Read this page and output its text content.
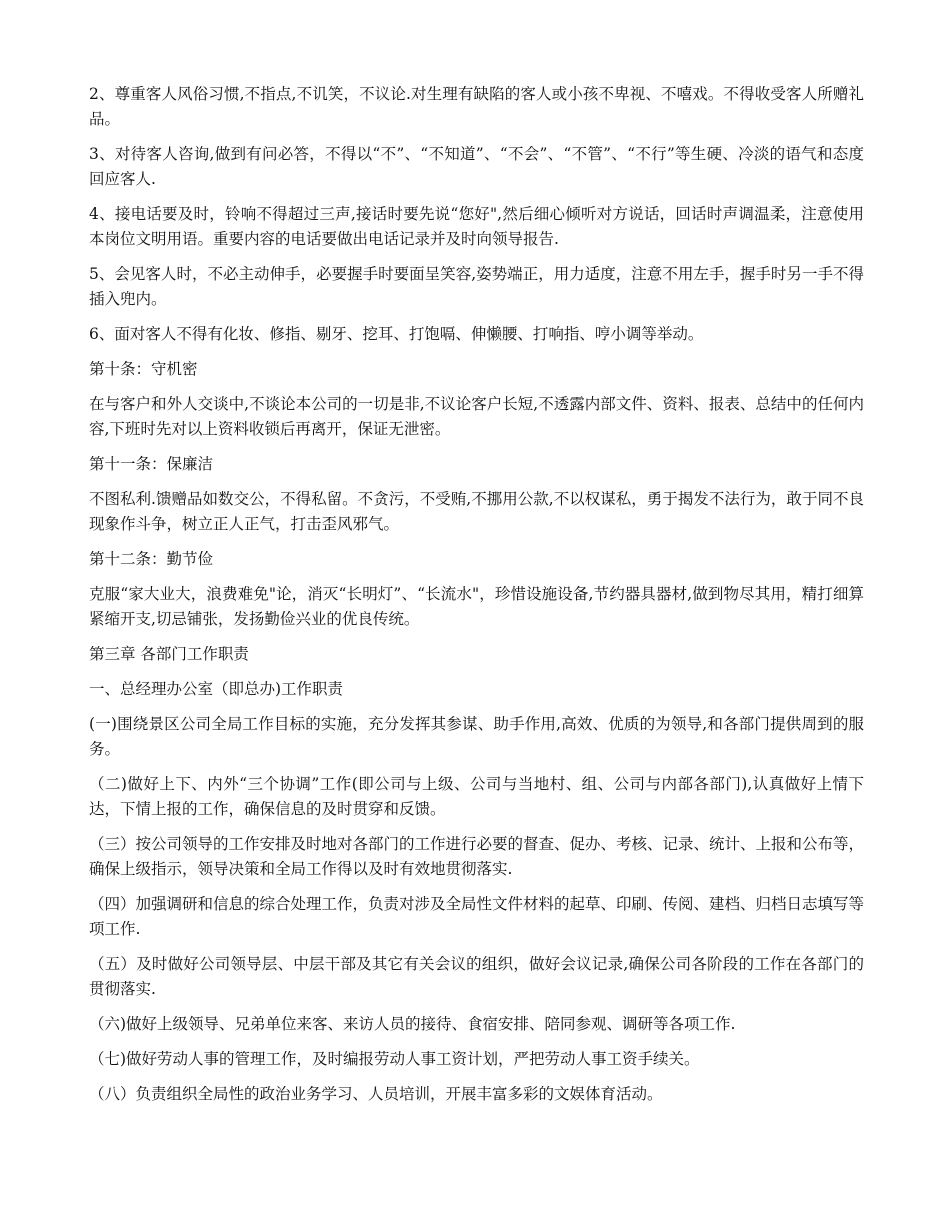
2、尊重客人风俗习惯,不指点,不讥笑，不议论.对生理有缺陷的客人或小孩不卑视、不嘻戏。不得收受客人所赠礼品。

3、对待客人咨询,做到有问必答，不得以“不”、“不知道”、“不会”、“不管”、“不行”等生硬、冷淡的语气和态度回应客人.

4、接电话要及时，铃响不得超过三声,接话时要先说“您好",然后细心倾听对方说话，回话时声调温柔，注意使用本岗位文明用语。重要内容的电话要做出电话记录并及时向领导报告.

5、会见客人时，不必主动伸手，必要握手时要面呈笑容,姿势端正，用力适度，注意不用左手，握手时另一手不得插入兜内。

6、面对客人不得有化妆、修指、剔牙、挖耳、打饱嗝、伸懒腰、打响指、哼小调等举动。

第十条：守机密

在与客户和外人交谈中,不谈论本公司的一切是非,不议论客户长短,不透露内部文件、资料、报表、总结中的任何内容,下班时先对以上资料收锁后再离开，保证无泄密。

第十一条：保廉洁

不图私利.馈赠品如数交公，不得私留。不贪污，不受贿,不挪用公款,不以权谋私，勇于揭发不法行为，敢于同不良现象作斗争，树立正人正气，打击歪风邪气。

第十二条：勤节俭

克服“家大业大，浪费难免"论，消灭“长明灯”、“长流水"，珍惜设施设备,节约器具器材,做到物尽其用，精打细算紧缩开支,切忌铺张，发扬勤俭兴业的优良传统。

第三章 各部门工作职责

一、总经理办公室（即总办)工作职责

(一)围绕景区公司全局工作目标的实施，充分发挥其参谋、助手作用,高效、优质的为领导,和各部门提供周到的服务。

（二)做好上下、内外“三个协调”工作(即公司与上级、公司与当地村、组、公司与内部各部门),认真做好上情下达，下情上报的工作，确保信息的及时贯穿和反馈。

（三）按公司领导的工作安排及时地对各部门的工作进行必要的督查、促办、考核、记录、统计、上报和公布等，确保上级指示，领导决策和全局工作得以及时有效地贯彻落实.

（四）加强调研和信息的综合处理工作，负责对涉及全局性文件材料的起草、印刷、传阅、建档、归档日志填写等项工作.

（五）及时做好公司领导层、中层干部及其它有关会议的组织，做好会议记录,确保公司各阶段的工作在各部门的贯彻落实.

（六)做好上级领导、兄弟单位来客、来访人员的接待、食宿安排、陪同参观、调研等各项工作.

（七)做好劳动人事的管理工作，及时编报劳动人事工资计划，严把劳动人事工资手续关。

（八）负责组织全局性的政治业务学习、人员培训，开展丰富多彩的文娱体育活动。
